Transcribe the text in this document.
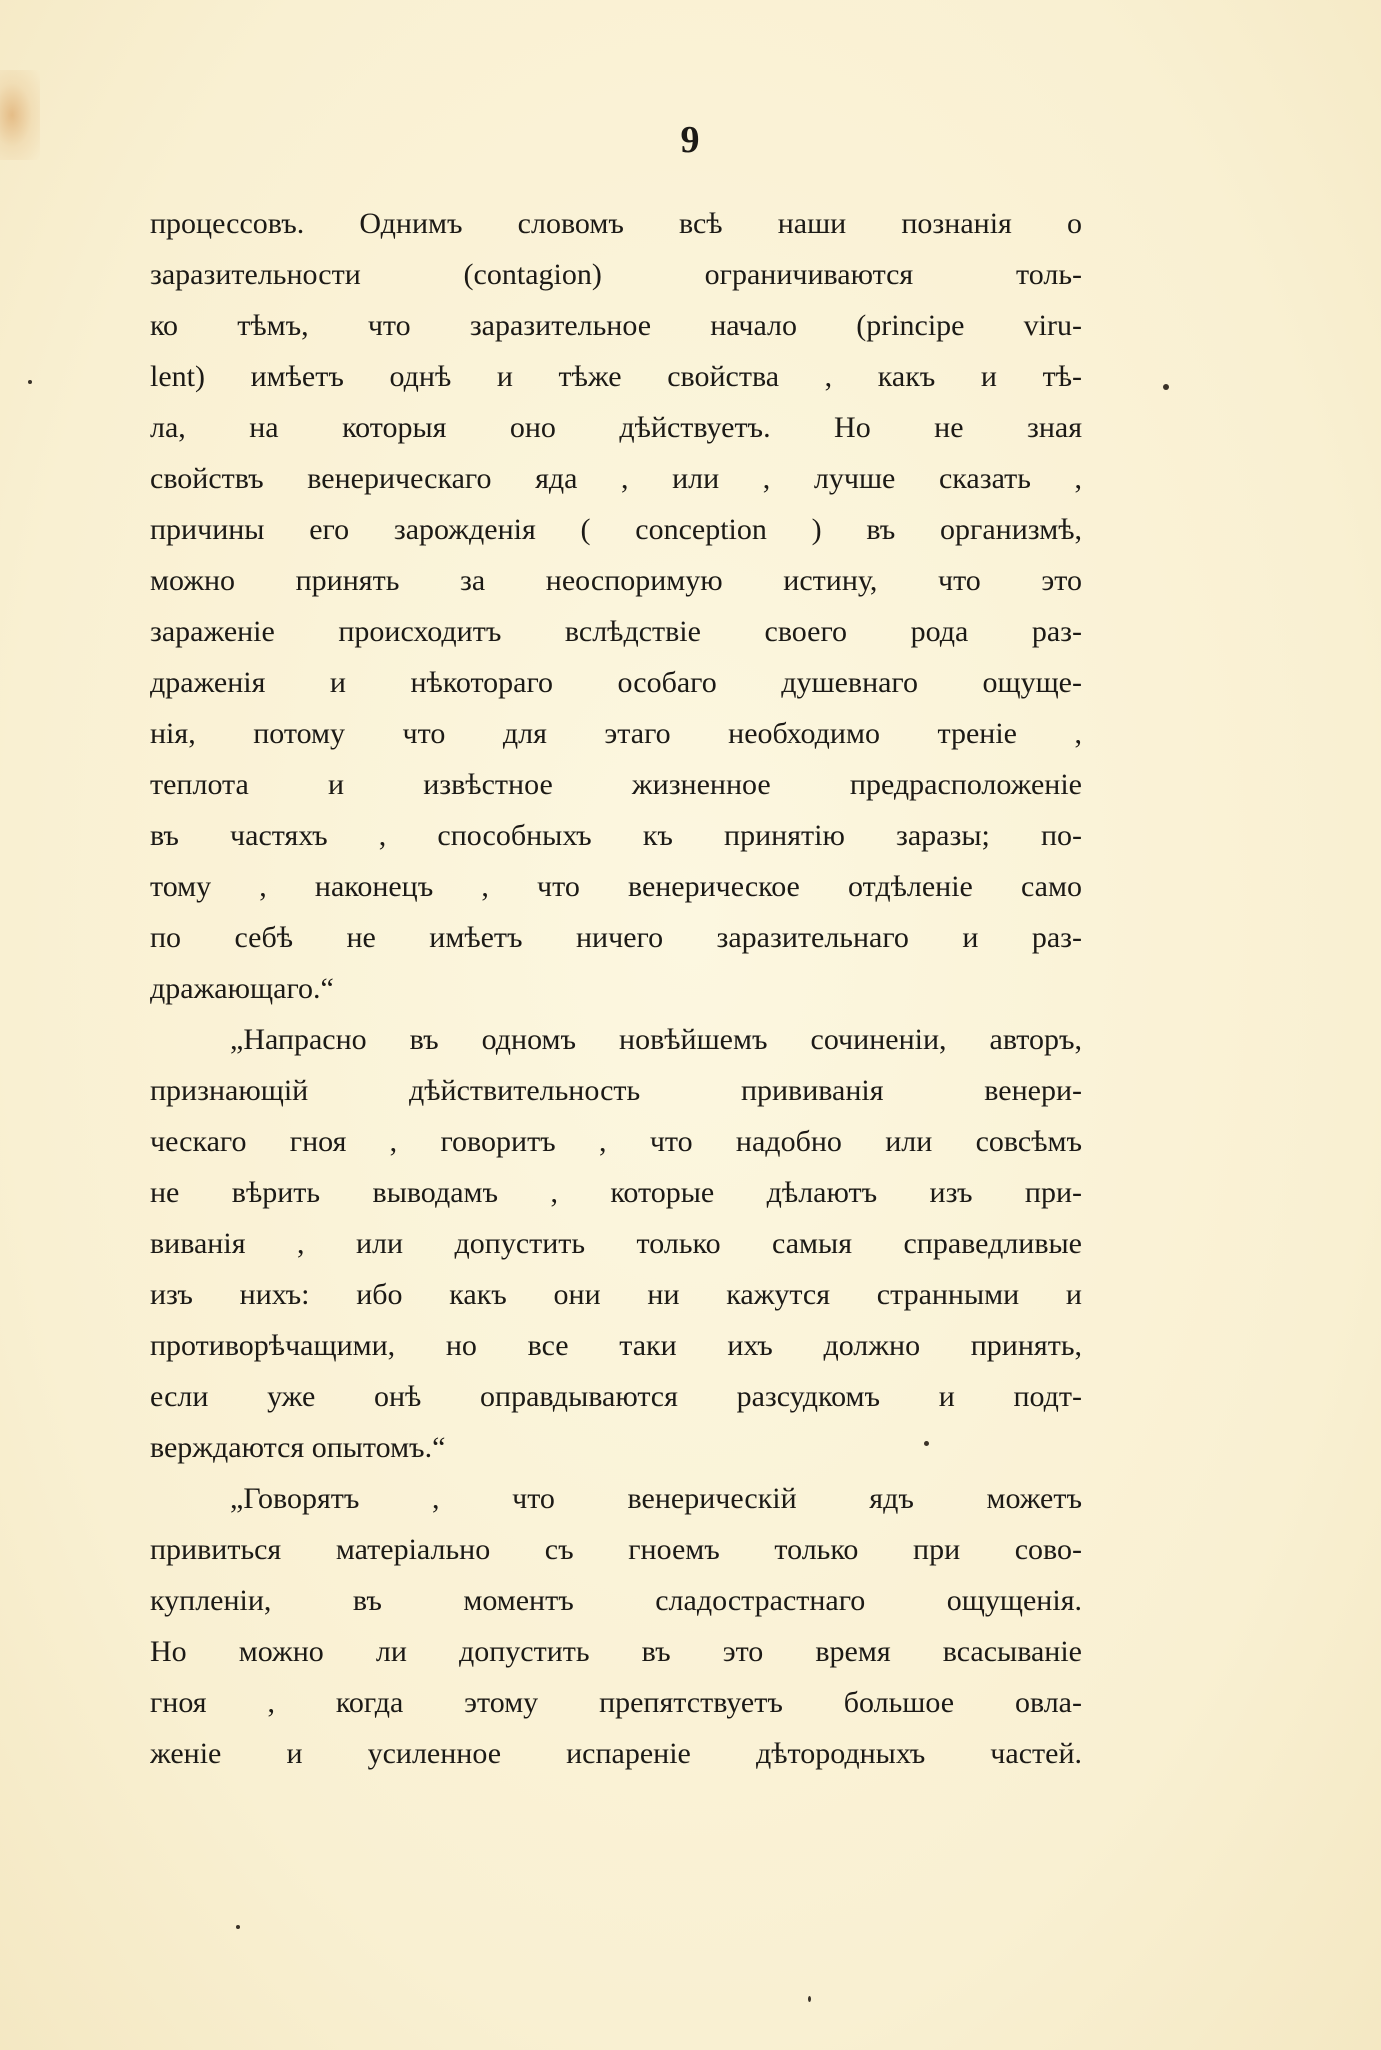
9
процессовъ. Однимъ словомъ всѣ наши познанія о
заразительности (contagion) ограничиваются толь-
ко тѣмъ, что заразительное начало (principe viru-
lent) имѣетъ однѣ и тѣже свойства , какъ и тѣ-
ла, на которыя оно дѣйствуетъ. Но не зная
свойствъ венерическаго яда , или , лучше сказать ,
причины его зарожденія ( conception ) въ организмѣ,
можно принять за неоспоримую истину, что это
зараженіе происходитъ вслѣдствіе своего рода раз-
драженія и нѣкотораго особаго душевнаго ощуще-
нія, потому что для этаго необходимо треніе ,
теплота и извѣстное жизненное предрасположеніе
въ частяхъ , способныхъ къ принятію заразы; по-
тому , наконецъ , что венерическое отдѣленіе само
по себѣ не имѣетъ ничего заразительнаго и раз-
дражающаго.“
„Напрасно въ одномъ новѣйшемъ сочиненіи, авторъ,
признающій дѣйствительность прививанія венери-
ческаго гноя , говоритъ , что надобно или совсѣмъ
не вѣрить выводамъ , которые дѣлаютъ изъ при-
виванія , или допустить только самыя справедливые
изъ нихъ: ибо какъ они ни кажутся странными и
противорѣчащими, но все таки ихъ должно принять,
если уже онѣ оправдываются разсудкомъ и подт-
верждаются опытомъ.“
„Говорятъ , что венерическій ядъ можетъ
привиться матеріально съ гноемъ только при сово-
купленіи, въ моментъ сладострастнаго ощущенія.
Но можно ли допустить въ это время всасываніе
гноя , когда этому препятствуетъ большое овла-
женіе и усиленное испареніе дѣтородныхъ частей.
